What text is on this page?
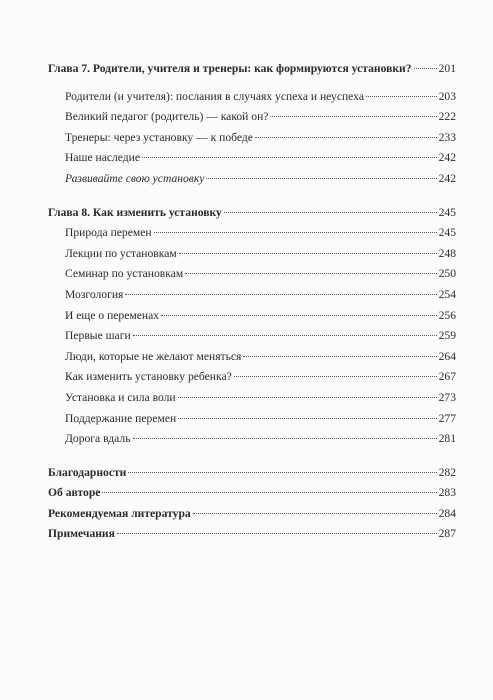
Глава 7. Родители, учителя и тренеры: как формируются установки? 201
Родители (и учителя): послания в случаях успеха и неуспеха	203
Великий педагог (родитель) — какой он?	222
Тренеры: через установку — к победе	233
Наше наследие	242
Развивайте свою установку	242
Глава 8. Как изменить установку	245
Природа перемен	245
Лекции по установкам	248
Семинар по установкам	250
Мозгология	254
И еще о переменах	256
Первые шаги	259
Люди, которые не желают меняться	264
Как изменить установку ребенка?	267
Установка и сила воли	273
Поддержание перемен	277
Дорога вдаль	281
Благодарности	282
Об авторе	283
Рекомендуемая литература	284
Примечания	287
